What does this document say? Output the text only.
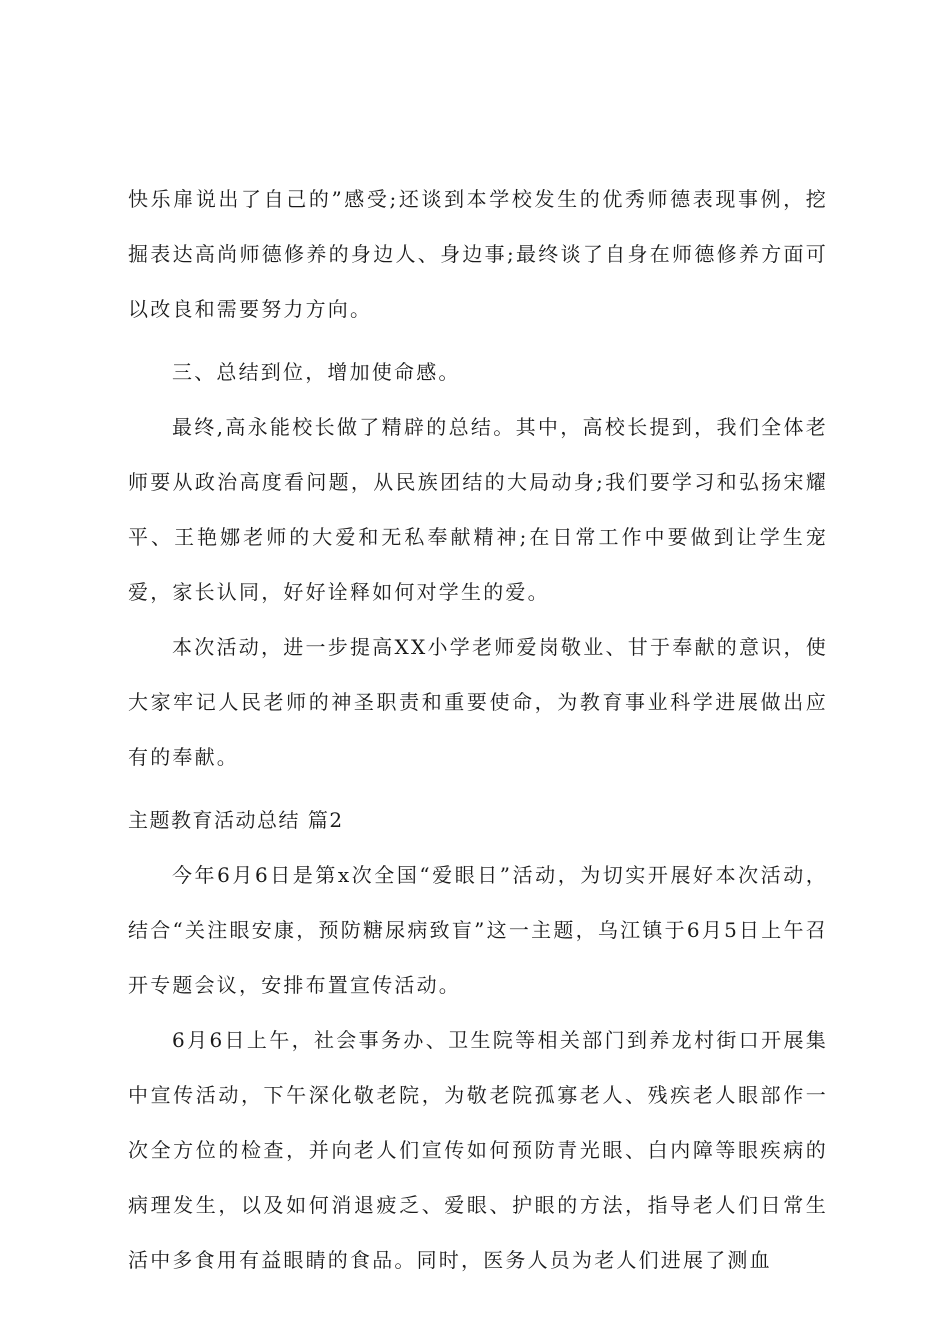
快乐扉说出了自己的”感受;还谈到本学校发生的优秀师德表现事例，挖掘表达高尚师德修养的身边人、身边事;最终谈了自身在师德修养方面可以改良和需要努力方向。

三、总结到位，增加使命感。

最终,高永能校长做了精辟的总结。其中，高校长提到，我们全体老师要从政治高度看问题，从民族团结的大局动身;我们要学习和弘扬宋耀平、王艳娜老师的大爱和无私奉献精神;在日常工作中要做到让学生宠爱，家长认同，好好诠释如何对学生的爱。

本次活动，进一步提高XX小学老师爱岗敬业、甘于奉献的意识，使大家牢记人民老师的神圣职责和重要使命，为教育事业科学进展做出应有的奉献。

主题教育活动总结 篇2

今年6月6日是第x次全国“爱眼日”活动，为切实开展好本次活动，结合“关注眼安康，预防糖尿病致盲”这一主题，乌江镇于6月5日上午召开专题会议，安排布置宣传活动。

6月6日上午，社会事务办、卫生院等相关部门到养龙村街口开展集中宣传活动，下午深化敬老院，为敬老院孤寡老人、残疾老人眼部作一次全方位的检查，并向老人们宣传如何预防青光眼、白内障等眼疾病的病理发生，以及如何消退疲乏、爱眼、护眼的方法，指导老人们日常生活中多食用有益眼睛的食品。同时，医务人员为老人们进展了测血
